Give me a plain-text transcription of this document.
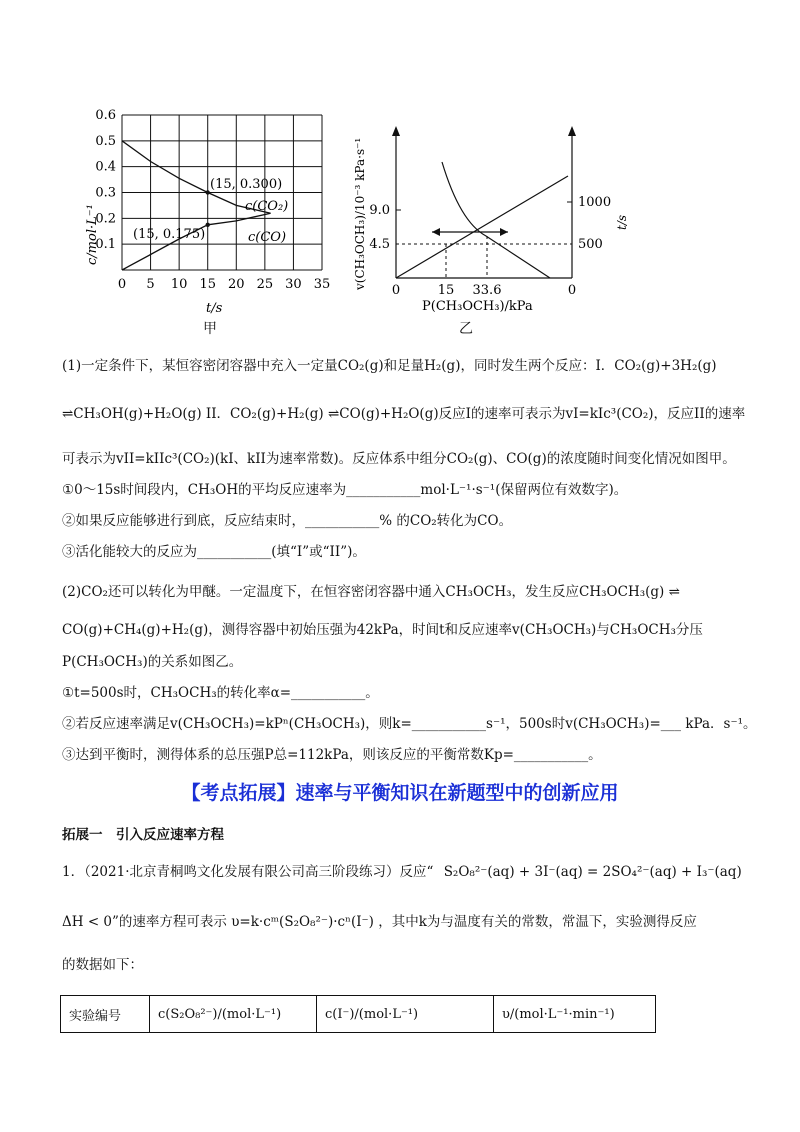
0 5 10 15 20 25 30 35
0.1
0.2
0.3
0.4
0.5
0.6
(15, 0.300)
(15, 0.175)
c(CO₂)
c(CO)
t/s
c/mol·L⁻¹
甲
4.5
9.0
500
1000
0	15 33.6	0
v(CH₃OCH₃)/10⁻³ kPa·s⁻¹	t/s
P(CH₃OCH₃)/kPa
乙
(1)一定条件下，某恒容密闭容器中充入一定量CO₂(g)和足量H₂(g)，同时发生两个反应：I．CO₂(g)+3H₂(g)
⇌CH₃OH(g)+H₂O(g) II．CO₂(g)+H₂(g) ⇌CO(g)+H₂O(g)反应I的速率可表示为vI=kIc³(CO₂)，反应II的速率
可表示为vII=kIIc³(CO₂)(kI、kII为速率常数)。反应体系中组分CO₂(g)、CO(g)的浓度随时间变化情况如图甲。
①0～15s时间段内，CH₃OH的平均反应速率为___________mol·L⁻¹·s⁻¹(保留两位有效数字)。
②如果反应能够进行到底，反应结束时，___________% 的CO₂转化为CO。
③活化能较大的反应为___________(填“I”或“II”)。
(2)CO₂还可以转化为甲醚。一定温度下，在恒容密闭容器中通入CH₃OCH₃，发生反应CH₃OCH₃(g) ⇌
CO(g)+CH₄(g)+H₂(g)，测得容器中初始压强为42kPa，时间t和反应速率v(CH₃OCH₃)与CH₃OCH₃分压
P(CH₃OCH₃)的关系如图乙。
①t=500s时，CH₃OCH₃的转化率α=___________。
②若反应速率满足v(CH₃OCH₃)=kPⁿ(CH₃OCH₃)，则k=___________s⁻¹，500s时v(CH₃OCH₃)=___ kPa．s⁻¹。
③达到平衡时，测得体系的总压强P总=112kPa，则该反应的平衡常数Kp=___________。
【考点拓展】速率与平衡知识在新题型中的创新应用
拓展一　引入反应速率方程
1．（2021·北京青桐鸣文化发展有限公司高三阶段练习）反应“ S₂O₈²⁻(aq) + 3I⁻(aq) = 2SO₄²⁻(aq) + I₃⁻(aq)
ΔH < 0”的速率方程可表示 υ=k·cᵐ(S₂O₈²⁻)·cⁿ(I⁻) ，其中k为与温度有关的常数，常温下，实验测得反应
的数据如下：
实验编号	c(S₂O₈²⁻)/(mol·L⁻¹)	c(I⁻)/(mol·L⁻¹)	υ/(mol·L⁻¹·min⁻¹)
